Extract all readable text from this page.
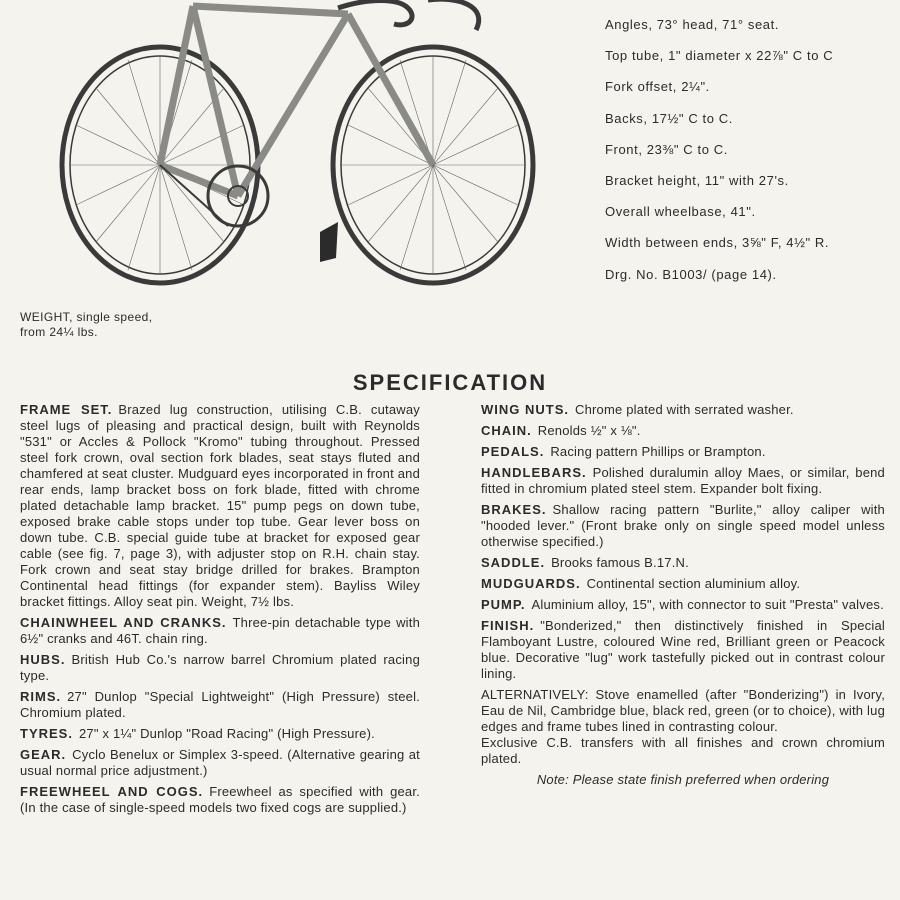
Angles, 73° head, 71° seat.
Top tube, 1" diameter x 22⅞" C to C
Fork offset, 2¼".
Backs, 17½" C to C.
Front, 23⅜" C to C.
Bracket height, 11" with 27's.
Overall wheelbase, 41".
Width between ends, 3⅝" F, 4½" R.
Drg. No. B1003/ (page 14).
WEIGHT, single speed,
from 24¼ lbs.
SPECIFICATION
FRAME SET. Brazed lug construction, utilising C.B. cutaway steel lugs of pleasing and practical design, built with Reynolds "531" or Accles & Pollock "Kromo" tubing throughout. Pressed steel fork crown, oval section fork blades, seat stays fluted and chamfered at seat cluster. Mudguard eyes incorporated in front and rear ends, lamp bracket boss on fork blade, fitted with chrome plated detachable lamp bracket. 15" pump pegs on down tube, exposed brake cable stops under top tube. Gear lever boss on down tube. C.B. special guide tube at bracket for exposed gear cable (see fig. 7, page 3), with adjuster stop on R.H. chain stay. Fork crown and seat stay bridge drilled for brakes. Brampton Continental head fittings (for expander stem). Bayliss Wiley bracket fittings. Alloy seat pin. Weight, 7½ lbs.
CHAINWHEEL AND CRANKS. Three-pin detachable type with 6½" cranks and 46T. chain ring.
HUBS. British Hub Co.'s narrow barrel Chromium plated racing type.
RIMS. 27" Dunlop "Special Lightweight" (High Pressure) steel. Chromium plated.
TYRES. 27" x 1¼" Dunlop "Road Racing" (High Pressure).
GEAR. Cyclo Benelux or Simplex 3-speed. (Alternative gearing at usual normal price adjustment.)
FREEWHEEL AND COGS. Freewheel as specified with gear. (In the case of single-speed models two fixed cogs are supplied.)
WING NUTS. Chrome plated with serrated washer.
CHAIN. Renolds ½" x ⅛".
PEDALS. Racing pattern Phillips or Brampton.
HANDLEBARS. Polished duralumin alloy Maes, or similar, bend fitted in chromium plated steel stem. Expander bolt fixing.
BRAKES. Shallow racing pattern "Burlite," alloy caliper with "hooded lever." (Front brake only on single speed model unless otherwise specified.)
SADDLE. Brooks famous B.17.N.
MUDGUARDS. Continental section aluminium alloy.
PUMP. Aluminium alloy, 15", with connector to suit "Presta" valves.
FINISH. "Bonderized," then distinctively finished in Special Flamboyant Lustre, coloured Wine red, Brilliant green or Peacock blue. Decorative "lug" work tastefully picked out in contrast colour lining.
ALTERNATIVELY: Stove enamelled (after "Bonderizing") in Ivory, Eau de Nil, Cambridge blue, black red, green (or to choice), with lug edges and frame tubes lined in contrasting colour.
Exclusive C.B. transfers with all finishes and crown chromium plated.
Note: Please state finish preferred when ordering
